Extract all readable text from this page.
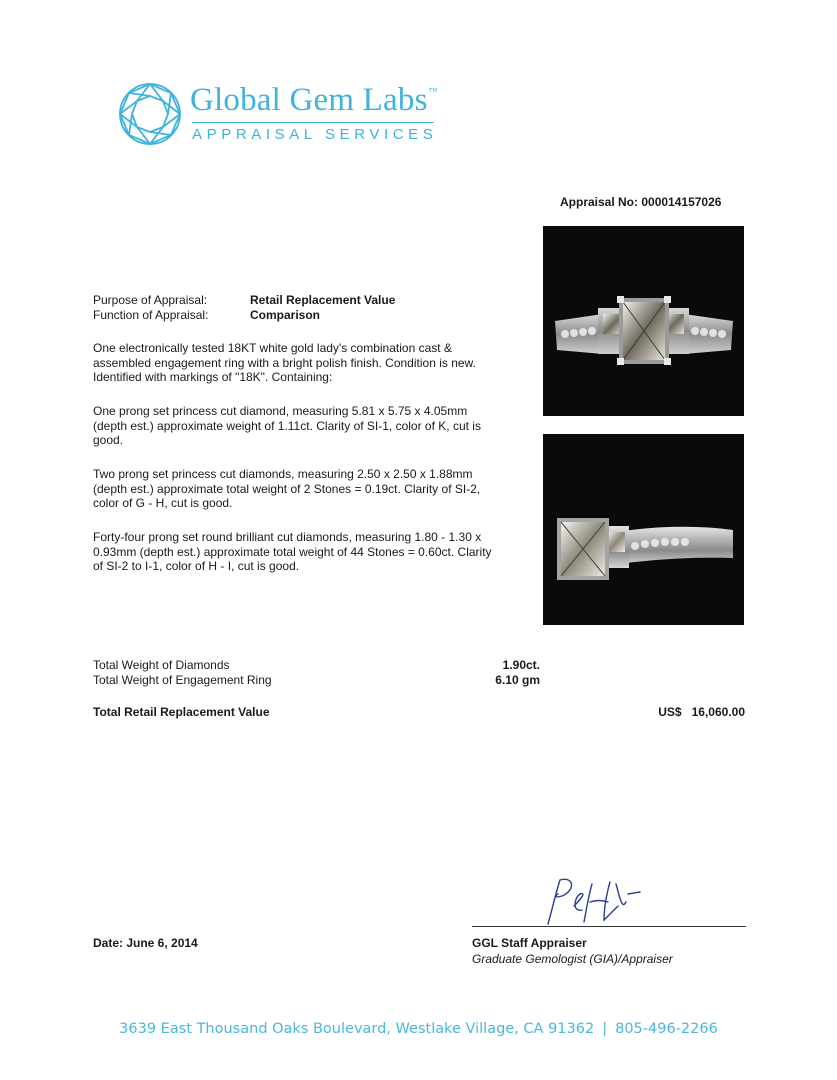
Global Gem Labs™
APPRAISAL SERVICES
Appraisal No: 000014157026
Purpose of Appraisal:	Retail Replacement Value
Function of Appraisal:	Comparison
One electronically tested 18KT white gold lady's combination cast & assembled engagement ring with a bright polish finish. Condition is new. Identified with markings of "18K". Containing:
One prong set princess cut diamond, measuring 5.81 x 5.75 x 4.05mm (depth est.) approximate weight of 1.11ct. Clarity of SI-1, color of K, cut is good.
Two prong set princess cut diamonds, measuring 2.50 x 2.50 x 1.88mm (depth est.) approximate total weight of 2 Stones = 0.19ct. Clarity of SI-2, color of G - H, cut is good.
Forty-four prong set round brilliant cut diamonds, measuring 1.80 - 1.30 x 0.93mm (depth est.) approximate total weight of 44 Stones = 0.60ct. Clarity of SI-2 to I-1, color of H - I, cut is good.
Total Weight of Diamonds	1.90ct.
Total Weight of Engagement Ring	6.10 gm
Total Retail Replacement Value	US$   16,060.00
Date: June 6, 2014	GGL Staff Appraiser
Graduate Gemologist (GIA)/Appraiser
3639 East Thousand Oaks Boulevard, Westlake Village, CA 91362 | 805-496-2266
